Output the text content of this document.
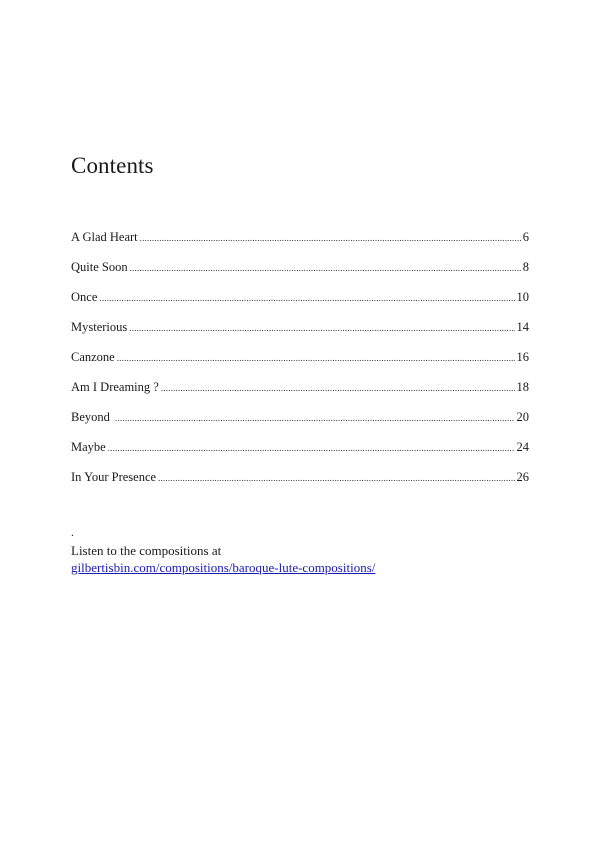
Contents
A Glad Heart .....	6
Quite Soon .....	8
Once .....	10
Mysterious .....	14
Canzone .....	16
Am I Dreaming ? .....	18
Beyond .....	20
Maybe .....	24
In Your Presence .....	26
.
Listen to the compositions at
gilbertisbin.com/compositions/baroque-lute-compositions/
